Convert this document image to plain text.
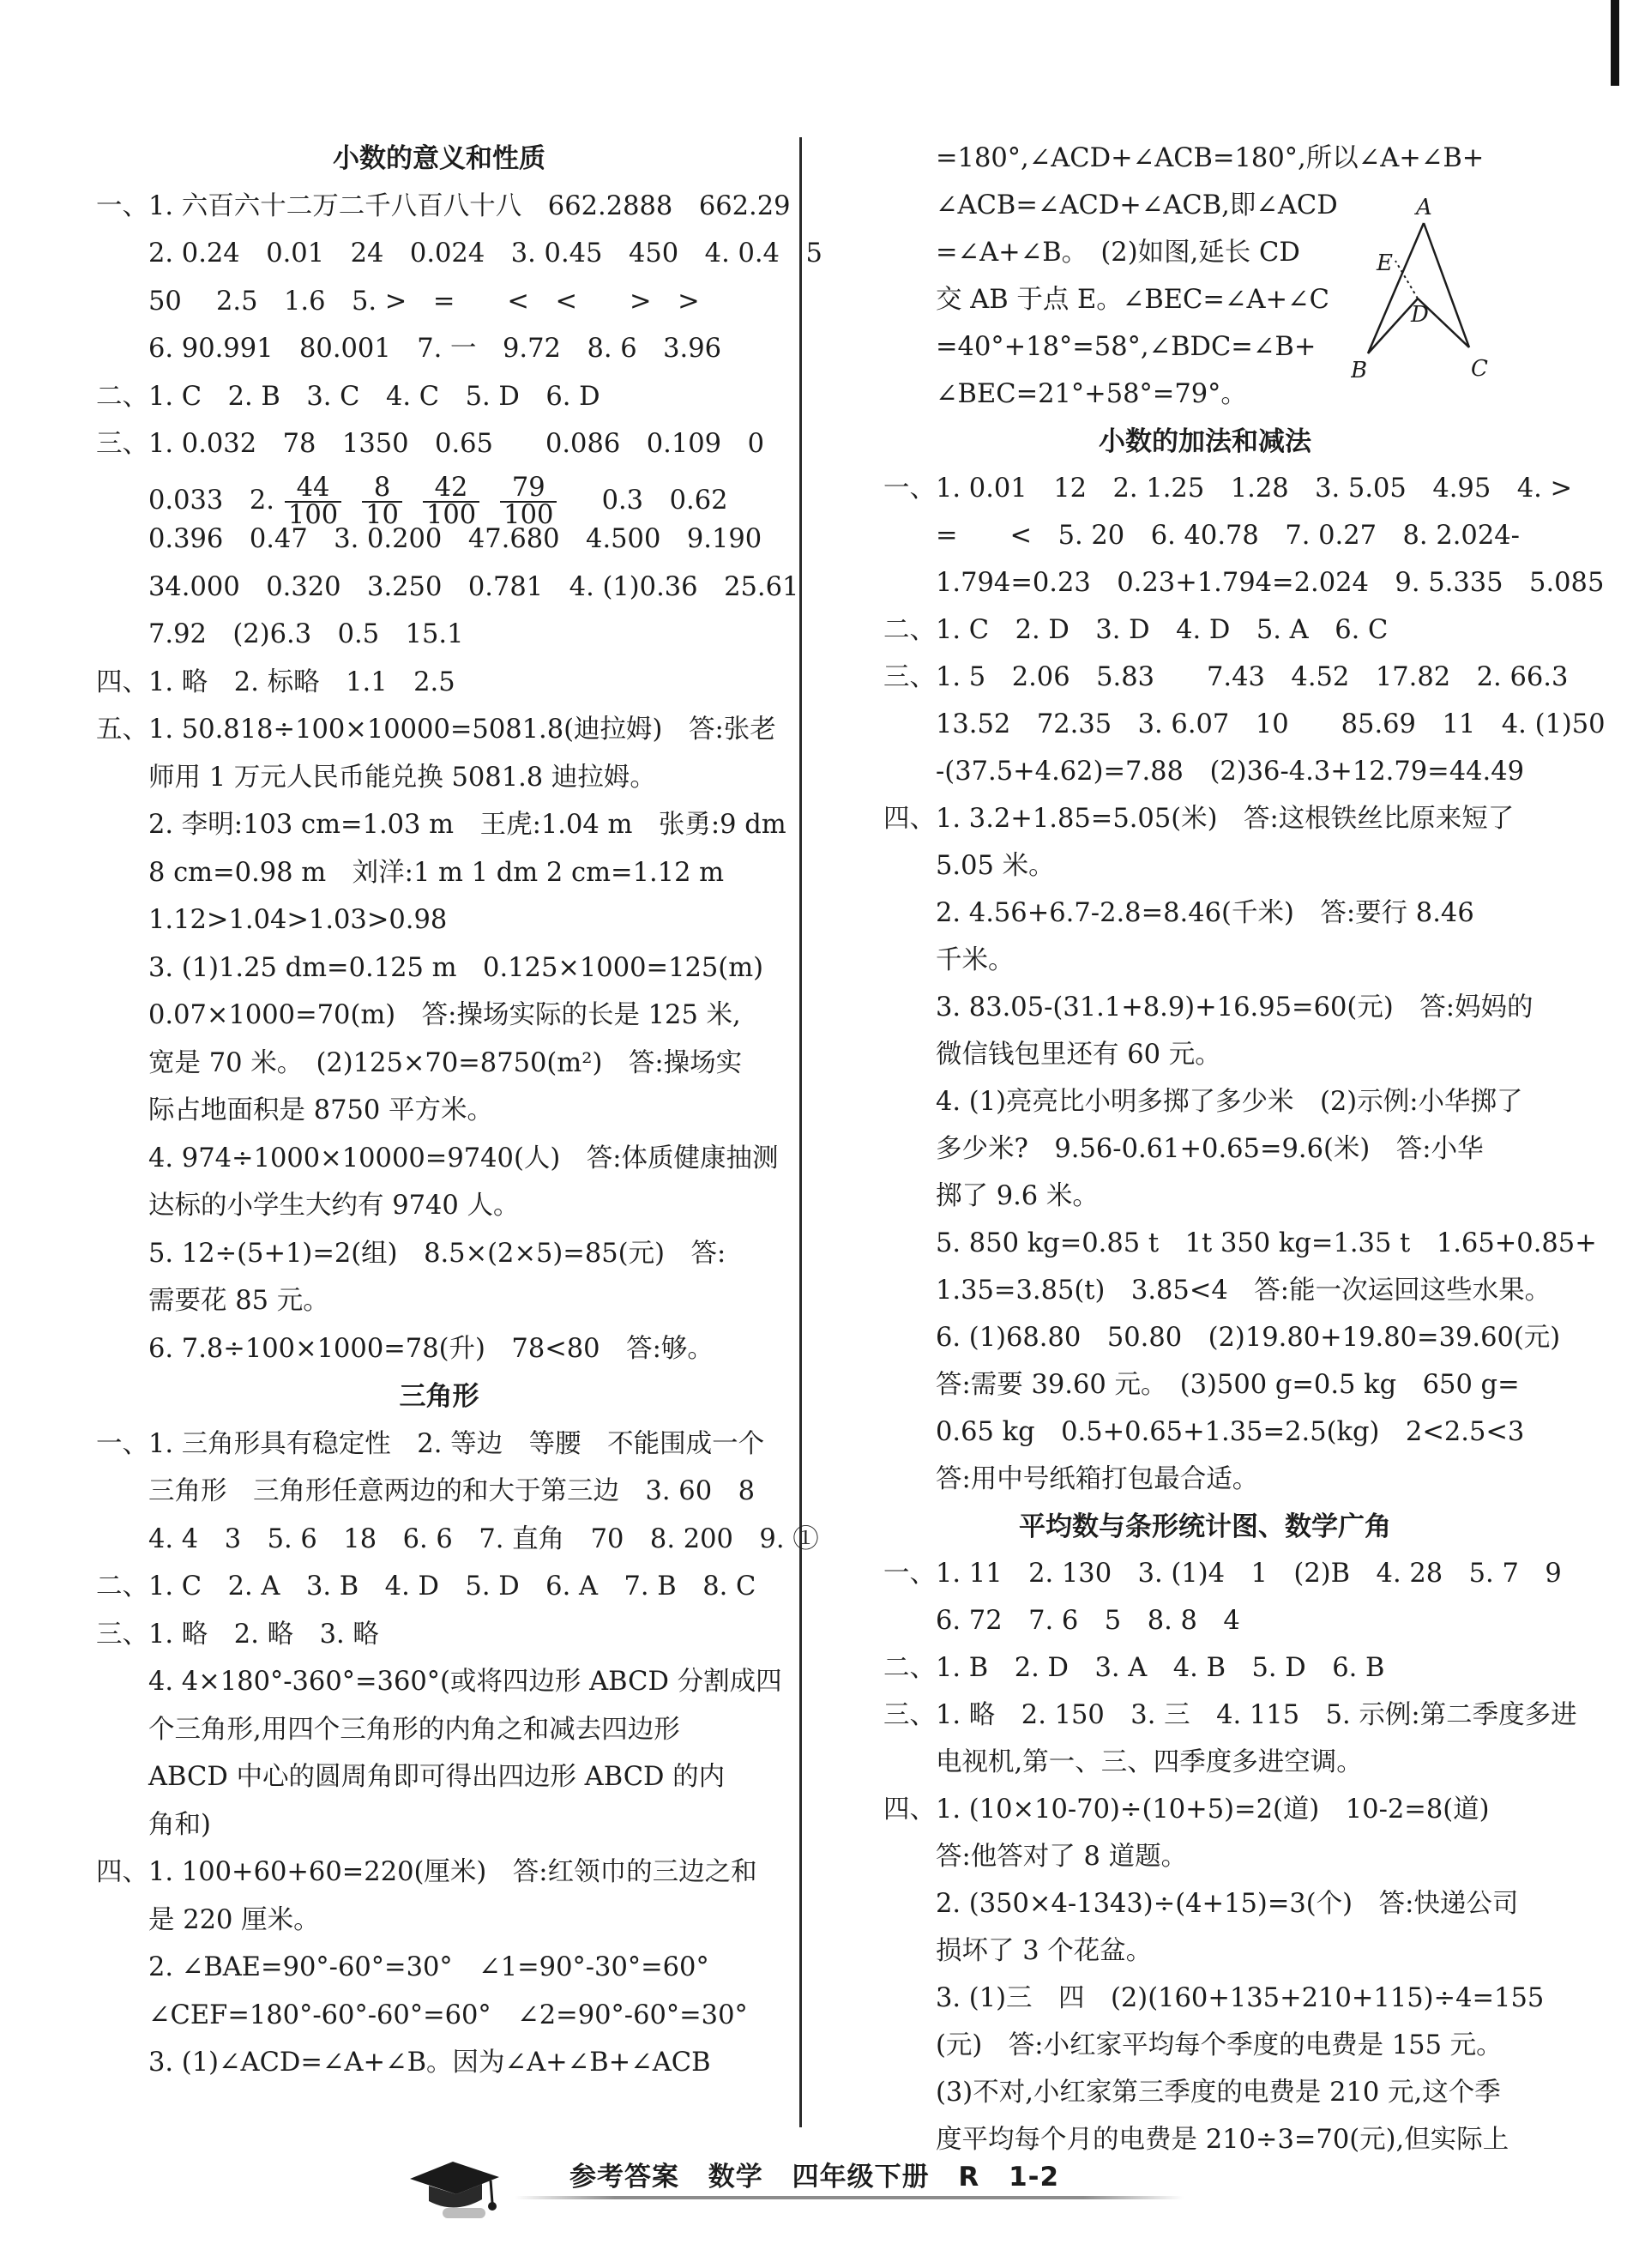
小数的意义和性质
一、1. 六百六十二万二千八百八十八　662.2888　662.29
　　2. 0.24　0.01　24　0.024　3. 0.45　450　4. 0.4　5
　　50　 2.5　1.6　5. >　=　　<　<　　>　>
　　6. 90.991　80.001　7. 一　9.72　8. 6　3.96
二、1. C　2. B　3. C　4. C　5. D　6. D
三、1. 0.032　78　1350　0.65　　0.086　0.109　0
　　0.033　2. $\frac{44}{100} \frac{8}{10} \frac{42}{100} \frac{79}{100}$ 　 0.3　0.62
　　0.396　0.47　3. 0.200　47.680　4.500　9.190
　　34.000　0.320　3.250　0.781　4. (1)0.36　25.61
　　7.92　(2)6.3　0.5　15.1
四、1. 略　2. 标略　1.1　2.5
五、1. 50.818÷100×10000=5081.8(迪拉姆)　答:张老
　　师用 1 万元人民币能兑换 5081.8 迪拉姆。
　　2. 李明:103 cm=1.03 m　王虎:1.04 m　张勇:9 dm
　　8 cm=0.98 m　刘洋:1 m 1 dm 2 cm=1.12 m
　　1.12>1.04>1.03>0.98
　　3. (1)1.25 dm=0.125 m　0.125×1000=125(m)
　　0.07×1000=70(m)　答:操场实际的长是 125 米,
　　宽是 70 米。　(2)125×70=8750(m²)　答:操场实
　　际占地面积是 8750 平方米。
　　4. 974÷1000×10000=9740(人)　答:体质健康抽测
　　达标的小学生大约有 9740 人。
　　5. 12÷(5+1)=2(组)　8.5×(2×5)=85(元)　答:
　　需要花 85 元。
　　6. 7.8÷100×1000=78(升)　78<80　答:够。
三角形
一、1. 三角形具有稳定性　2. 等边　等腰　不能围成一个
　　三角形　三角形任意两边的和大于第三边　3. 60　8
　　4. 4　3　5. 6　18　6. 6　7. 直角　70　8. 200　9. ①
二、1. C　2. A　3. B　4. D　5. D　6. A　7. B　8. C
三、1. 略　2. 略　3. 略
　　4. 4×180°-360°=360°(或将四边形 ABCD 分割成四
　　个三角形,用四个三角形的内角之和减去四边形
　　ABCD 中心的圆周角即可得出四边形 ABCD 的内
　　角和)
四、1. 100+60+60=220(厘米)　答:红领巾的三边之和
　　是 220 厘米。
　　2. ∠BAE=90°-60°=30°　∠1=90°-30°=60°
　　∠CEF=180°-60°-60°=60°　∠2=90°-60°=30°
　　3. (1)∠ACD=∠A+∠B。因为∠A+∠B+∠ACB
　　=180°,∠ACD+∠ACB=180°,所以∠A+∠B+
　　∠ACB=∠ACD+∠ACB,即∠ACD
　　=∠A+∠B。　(2)如图,延长 CD
　　交 AB 于点 E。∠BEC=∠A+∠C
　　=40°+18°=58°,∠BDC=∠B+
　　∠BEC=21°+58°=79°。
小数的加法和减法
一、1. 0.01　12　2. 1.25　1.28　3. 5.05　4.95　4. >
　　=　　<　5. 20　6. 40.78　7. 0.27　8. 2.024-
　　1.794=0.23　0.23+1.794=2.024　9. 5.335　5.085
二、1. C　2. D　3. D　4. D　5. A　6. C
三、1. 5　2.06　5.83　　7.43　4.52　17.82　2. 66.3
　　13.52　72.35　3. 6.07　10　　85.69　11　4. (1)50
　　-(37.5+4.62)=7.88　(2)36-4.3+12.79=44.49
四、1. 3.2+1.85=5.05(米)　答:这根铁丝比原来短了
　　5.05 米。
　　2. 4.56+6.7-2.8=8.46(千米)　答:要行 8.46
　　千米。
　　3. 83.05-(31.1+8.9)+16.95=60(元)　答:妈妈的
　　微信钱包里还有 60 元。
　　4. (1)亮亮比小明多掷了多少米　(2)示例:小华掷了
　　多少米?　9.56-0.61+0.65=9.6(米)　答:小华
　　掷了 9.6 米。
　　5. 850 kg=0.85 t　1t 350 kg=1.35 t　1.65+0.85+
　　1.35=3.85(t)　3.85<4　答:能一次运回这些水果。
　　6. (1)68.80　50.80　(2)19.80+19.80=39.60(元)
　　答:需要 39.60 元。　(3)500 g=0.5 kg　650 g=
　　0.65 kg　0.5+0.65+1.35=2.5(kg)　2<2.5<3
　　答:用中号纸箱打包最合适。
平均数与条形统计图、数学广角
一、1. 11　2. 130　3. (1)4　1　(2)B　4. 28　5. 7　9
　　6. 72　7. 6　5　8. 8　4
二、1. B　2. D　3. A　4. B　5. D　6. B
三、1. 略　2. 150　3. 三　4. 115　5. 示例:第二季度多进
　　电视机,第一、三、四季度多进空调。
四、1. (10×10-70)÷(10+5)=2(道)　10-2=8(道)
　　答:他答对了 8 道题。
　　2. (350×4-1343)÷(4+15)=3(个)　答:快递公司
　　损坏了 3 个花盆。
　　3. (1)三　四　(2)(160+135+210+115)÷4=155
　　(元)　答:小红家平均每个季度的电费是 155 元。
　　(3)不对,小红家第三季度的电费是 210 元,这个季
　　度平均每个月的电费是 210÷3=70(元),但实际上
A
E
D
B	C
参考答案 数学 四年级下册 R 1-2
